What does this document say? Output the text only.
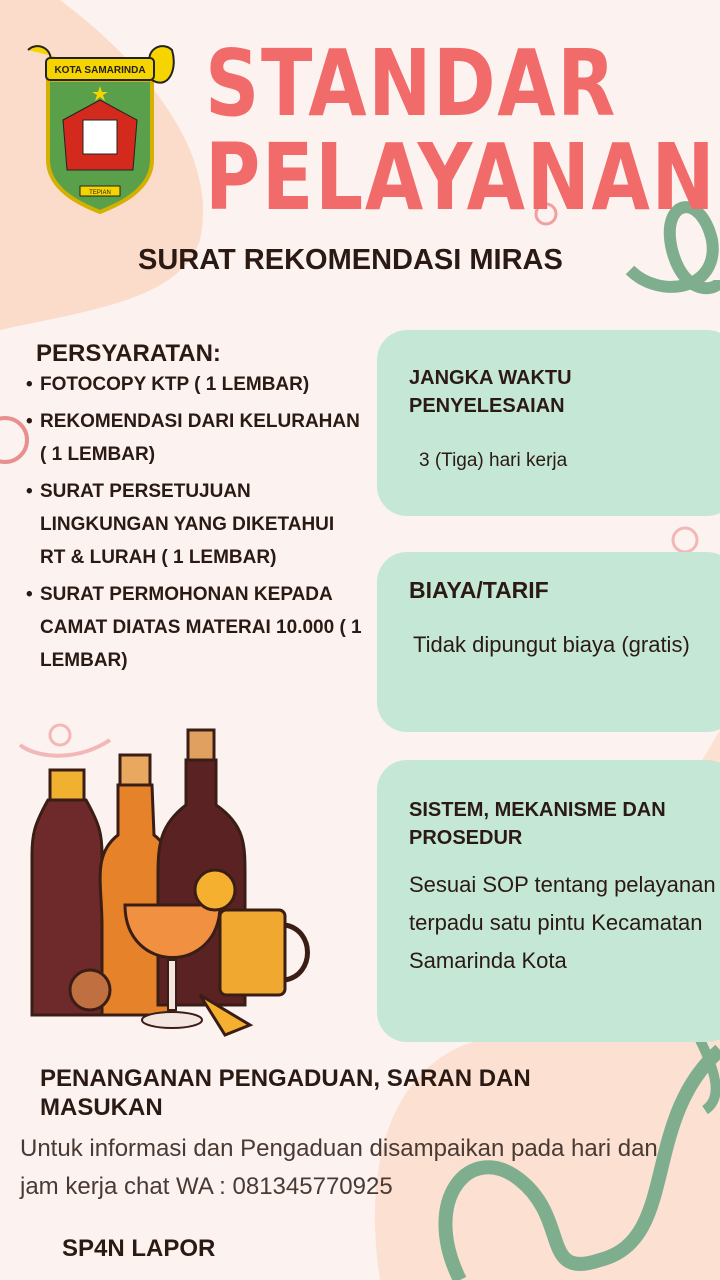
KOTA SAMARINDA
TEPIAN
STANDAR
PELAYANAN
SURAT REKOMENDASI MIRAS
PERSYARATAN:
• FOTOCOPY KTP ( 1 LEMBAR)
• REKOMENDASI DARI KELURAHAN ( 1 LEMBAR)
• SURAT PERSETUJUAN LINGKUNGAN YANG DIKETAHUI RT & LURAH ( 1 LEMBAR)
• SURAT PERMOHONAN KEPADA CAMAT DIATAS MATERAI 10.000 ( 1 LEMBAR)
JANGKA WAKTU PENYELESAIAN
3 (Tiga) hari kerja
BIAYA/TARIF
Tidak dipungut biaya (gratis)
SISTEM, MEKANISME DAN PROSEDUR
Sesuai SOP tentang pelayanan terpadu satu pintu Kecamatan Samarinda Kota
PENANGANAN PENGADUAN, SARAN DAN MASUKAN
Untuk informasi dan Pengaduan disampaikan pada hari dan jam kerja chat WA : 081345770925
SP4N LAPOR
